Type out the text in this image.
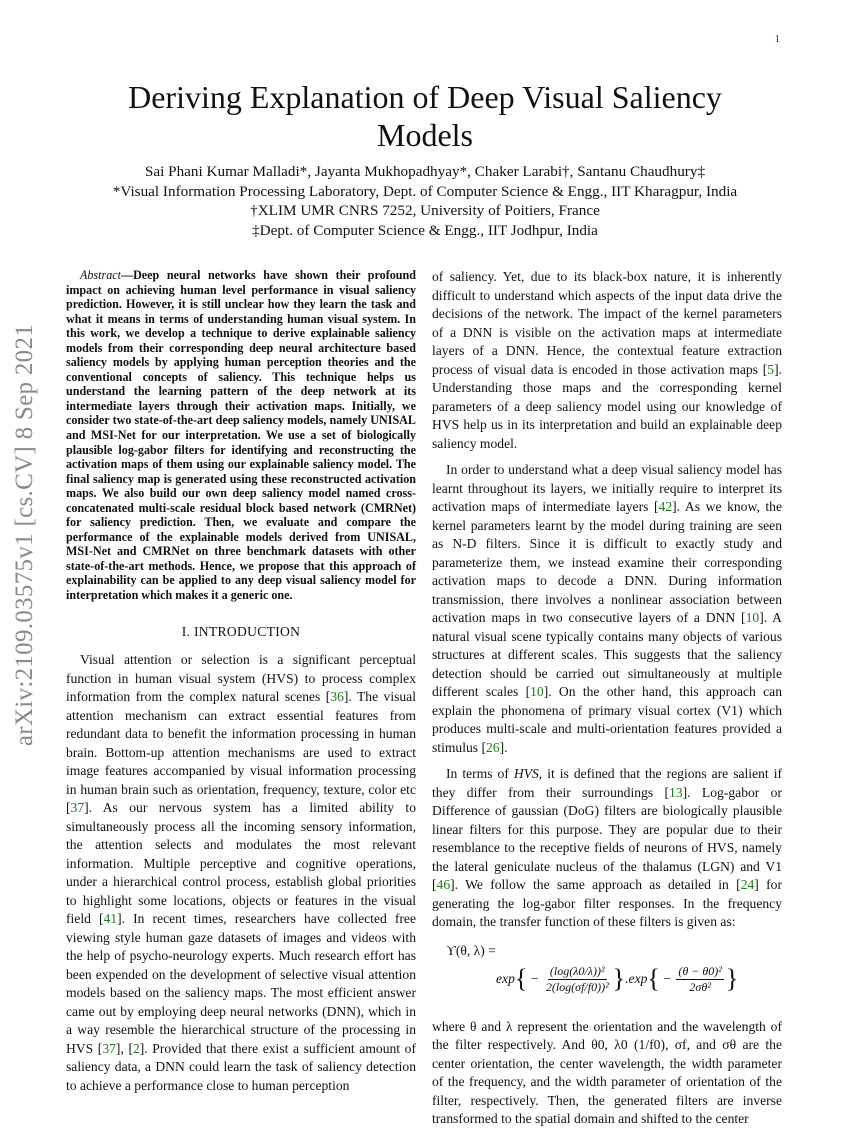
1
arXiv:2109.03575v1 [cs.CV] 8 Sep 2021
Deriving Explanation of Deep Visual Saliency Models
Sai Phani Kumar Malladi*, Jayanta Mukhopadhyay*, Chaker Larabi†, Santanu Chaudhury‡
*Visual Information Processing Laboratory, Dept. of Computer Science & Engg., IIT Kharagpur, India
†XLIM UMR CNRS 7252, University of Poitiers, France
‡Dept. of Computer Science & Engg., IIT Jodhpur, India

Abstract—Deep neural networks have shown their profound impact on achieving human level performance in visual saliency prediction. However, it is still unclear how they learn the task and what it means in terms of understanding human visual system. In this work, we develop a technique to derive explainable saliency models from their corresponding deep neural architecture based saliency models by applying human perception theories and the conventional concepts of saliency. This technique helps us understand the learning pattern of the deep network at its intermediate layers through their activation maps. Initially, we consider two state-of-the-art deep saliency models, namely UNISAL and MSI-Net for our interpretation. We use a set of biologically plausible log-gabor filters for identifying and reconstructing the activation maps of them using our explainable saliency model. The final saliency map is generated using these reconstructed activation maps. We also build our own deep saliency model named cross-concatenated multi-scale residual block based network (CMRNet) for saliency prediction. Then, we evaluate and compare the performance of the explainable models derived from UNISAL, MSI-Net and CMRNet on three benchmark datasets with other state-of-the-art methods. Hence, we propose that this approach of explainability can be applied to any deep visual saliency model for interpretation which makes it a generic one.

I. INTRODUCTION

Visual attention or selection is a significant perceptual function in human visual system (HVS) to process complex information from the complex natural scenes [36]. The visual attention mechanism can extract essential features from redundant data to benefit the information processing in human brain. Bottom-up attention mechanisms are used to extract image features accompanied by visual information processing in human brain such as orientation, frequency, texture, color etc [37]. As our nervous system has a limited ability to simultaneously process all the incoming sensory information, the attention selects and modulates the most relevant information. Multiple perceptive and cognitive operations, under a hierarchical control process, establish global priorities to highlight some locations, objects or features in the visual field [41]. In recent times, researchers have collected free viewing style human gaze datasets of images and videos with the help of psycho-neurology experts. Much research effort has been expended on the development of selective visual attention models based on the saliency maps. The most efficient answer came out by employing deep neural networks (DNN), which in a way resemble the hierarchical structure of the processing in HVS [37], [2]. Provided that there exist a sufficient amount of saliency data, a DNN could learn the task of saliency detection to achieve a performance close to human perception

of saliency. Yet, due to its black-box nature, it is inherently difficult to understand which aspects of the input data drive the decisions of the network. The impact of the kernel parameters of a DNN is visible on the activation maps at intermediate layers of a DNN. Hence, the contextual feature extraction process of visual data is encoded in those activation maps [5]. Understanding those maps and the corresponding kernel parameters of a deep saliency model using our knowledge of HVS help us in its interpretation and build an explainable deep saliency model.

In order to understand what a deep visual saliency model has learnt throughout its layers, we initially require to interpret its activation maps of intermediate layers [42]. As we know, the kernel parameters learnt by the model during training are seen as N-D filters. Since it is difficult to exactly study and parameterize them, we instead examine their corresponding activation maps to decode a DNN. During information transmission, there involves a nonlinear association between activation maps in two consecutive layers of a DNN [10]. A natural visual scene typically contains many objects of various structures at different scales. This suggests that the saliency detection should be carried out simultaneously at multiple different scales [10]. On the other hand, this approach can explain the phonomena of primary visual cortex (V1) which produces multi-scale and multi-orientation features provided a stimulus [26].

In terms of HVS, it is defined that the regions are salient if they differ from their surroundings [13]. Log-gabor or Difference of gaussian (DoG) filters are biologically plausible linear filters for this purpose. They are popular due to their resemblance to the receptive fields of neurons of HVS, namely the lateral geniculate nucleus of the thalamus (LGN) and V1 [46]. We follow the same approach as detailed in [24] for generating the log-gabor filter responses. In the frequency domain, the transfer function of these filters is given as:

ϒ(θ, λ) =
exp { − $\frac{\text{(log(λ0/λ))²}}{\text{2(log(σf/f0))²}}$ } .exp { − $\frac{\text{(θ − θ0)²}}{\text{2σθ²}}$ }

where θ and λ represent the orientation and the wavelength of the filter respectively. And θ0, λ0 (1/f0), σf, and σθ are the center orientation, the center wavelength, the width parameter of the frequency, and the width parameter of orientation of the filter, respectively. Then, the generated filters are inverse transformed to the spatial domain and shifted to the center
